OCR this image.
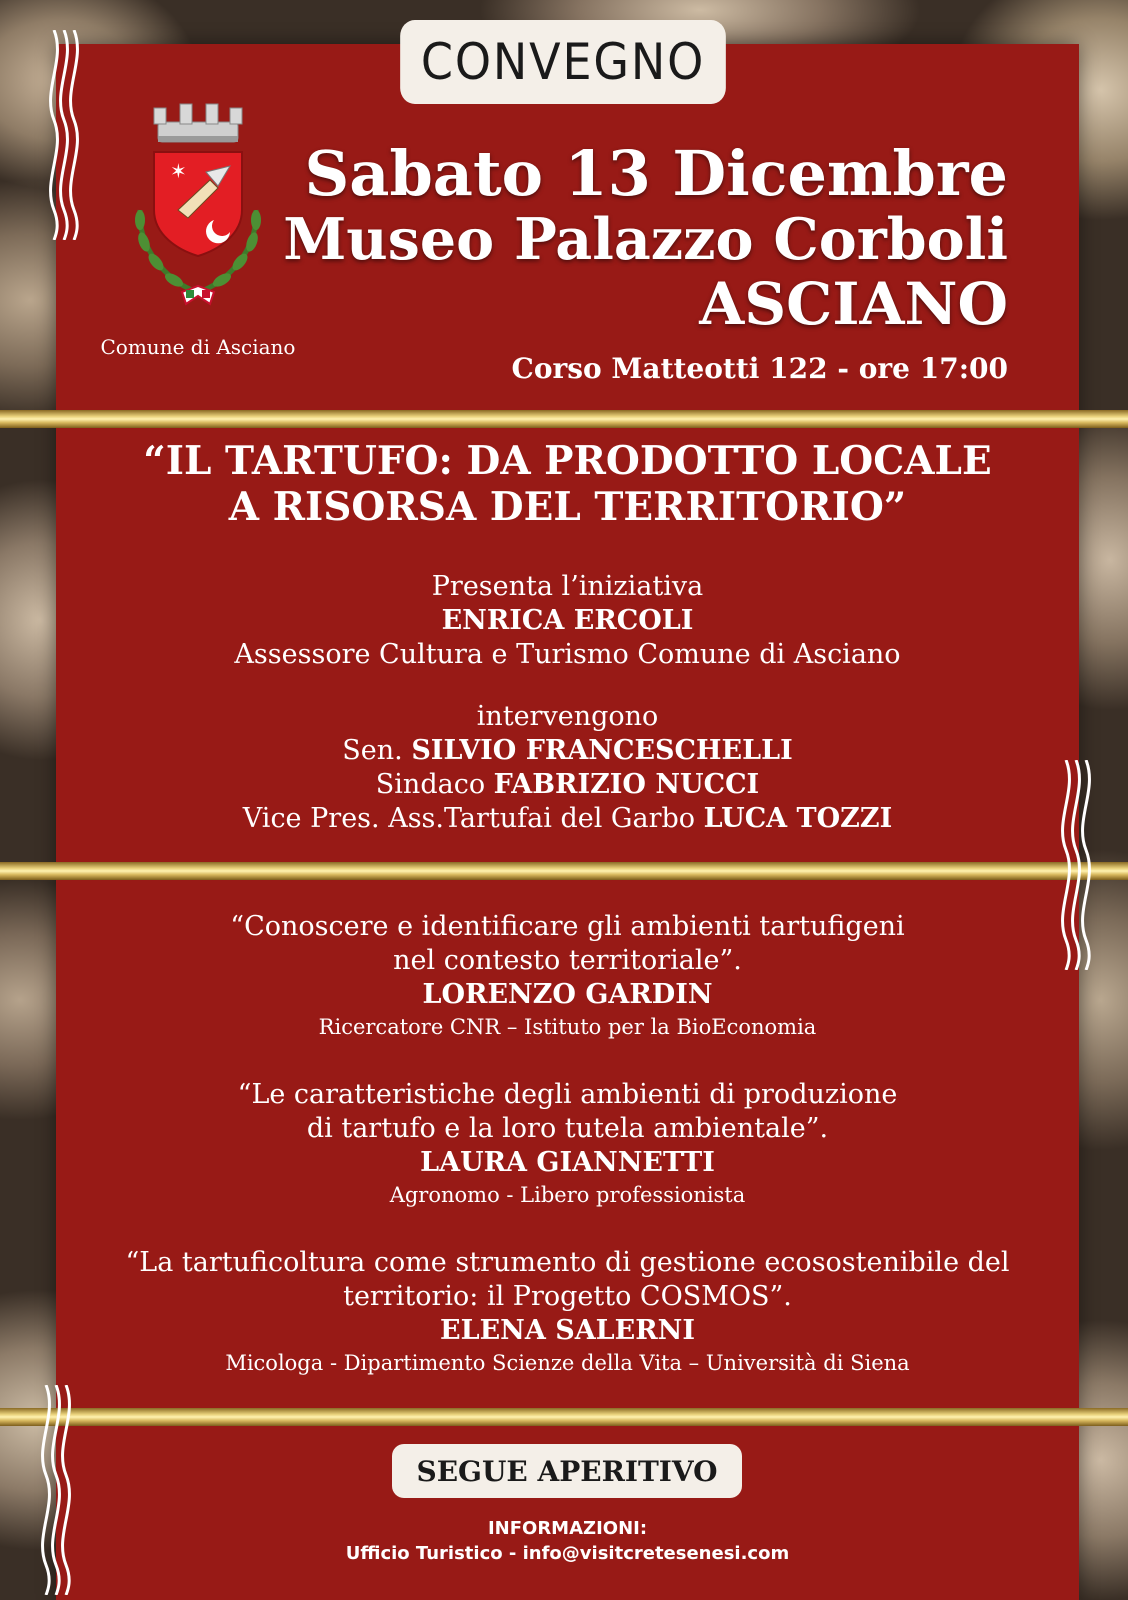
CONVEGNO
✶
Comune di Asciano
Sabato 13 Dicembre
Museo Palazzo Corboli
ASCIANO
Corso Matteotti 122 - ore 17:00
“IL TARTUFO: DA PRODOTTO LOCALE
A RISORSA DEL TERRITORIO”
Presenta l’iniziativa
ENRICA ERCOLI
Assessore Cultura e Turismo Comune di Asciano
intervengono
Sen. SILVIO FRANCESCHELLI
Sindaco FABRIZIO NUCCI
Vice Pres. Ass.Tartufai del Garbo LUCA TOZZI
“Conoscere e identificare gli ambienti tartufigeni
nel contesto territoriale”.
LORENZO GARDIN
Ricercatore CNR – Istituto per la BioEconomia
“Le caratteristiche degli ambienti di produzione
di tartufo e la loro tutela ambientale”.
LAURA GIANNETTI
Agronomo - Libero professionista
“La tartuficoltura come strumento di gestione ecosostenibile del
territorio: il Progetto COSMOS”.
ELENA SALERNI
Micologa - Dipartimento Scienze della Vita – Università di Siena
SEGUE APERITIVO
INFORMAZIONI:
Ufficio Turistico - info@visitcretesenesi.com
